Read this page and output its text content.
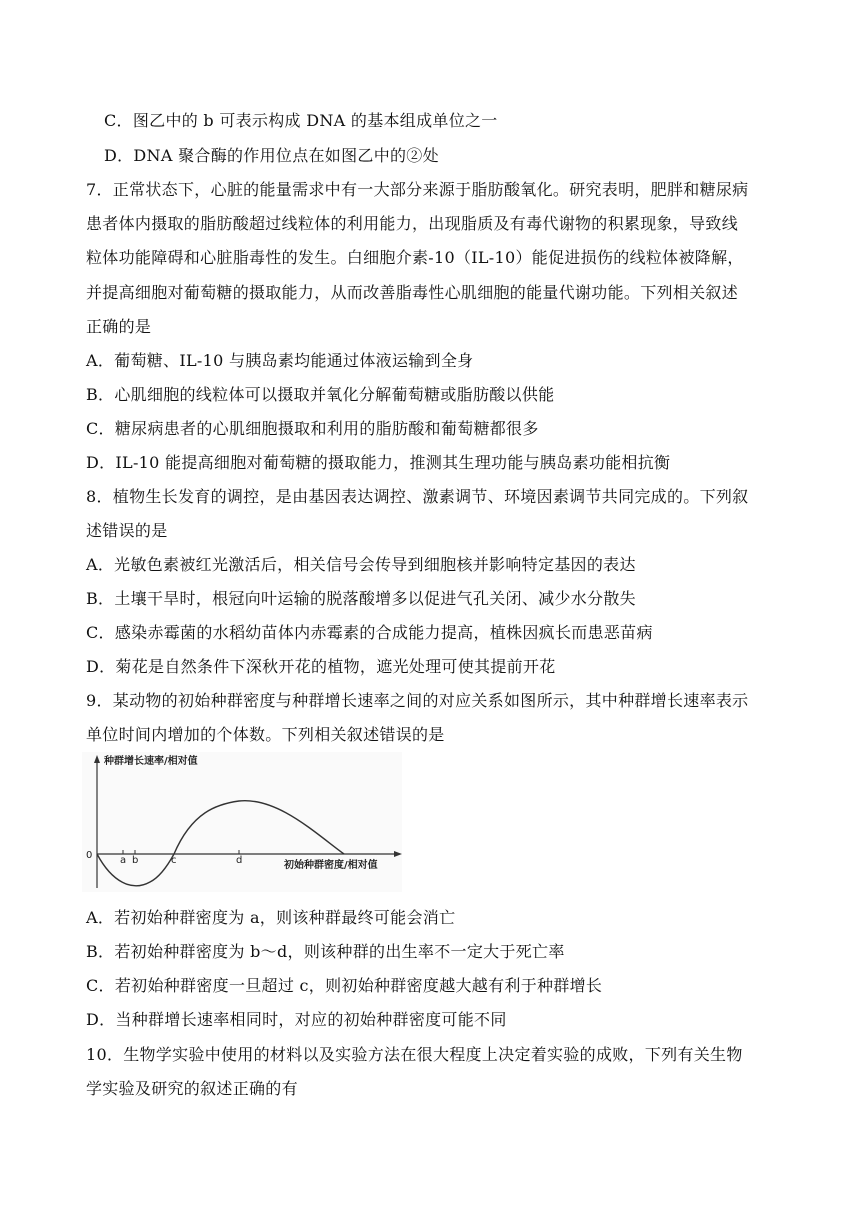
C．图乙中的 b 可表示构成 DNA 的基本组成单位之一
D．DNA 聚合酶的作用位点在如图乙中的②处
7．正常状态下，心脏的能量需求中有一大部分来源于脂肪酸氧化。研究表明，肥胖和糖尿病
患者体内摄取的脂肪酸超过线粒体的利用能力，出现脂质及有毒代谢物的积累现象，导致线
粒体功能障碍和心脏脂毒性的发生。白细胞介素-10（IL-10）能促进损伤的线粒体被降解，
并提高细胞对葡萄糖的摄取能力，从而改善脂毒性心肌细胞的能量代谢功能。下列相关叙述
正确的是
A．葡萄糖、IL-10 与胰岛素均能通过体液运输到全身
B．心肌细胞的线粒体可以摄取并氧化分解葡萄糖或脂肪酸以供能
C．糖尿病患者的心肌细胞摄取和利用的脂肪酸和葡萄糖都很多
D．IL-10 能提高细胞对葡萄糖的摄取能力，推测其生理功能与胰岛素功能相抗衡
8．植物生长发育的调控，是由基因表达调控、激素调节、环境因素调节共同完成的。下列叙
述错误的是
A．光敏色素被红光激活后，相关信号会传导到细胞核并影响特定基因的表达
B．土壤干旱时，根冠向叶运输的脱落酸增多以促进气孔关闭、减少水分散失
C．感染赤霉菌的水稻幼苗体内赤霉素的合成能力提高，植株因疯长而患恶苗病
D．菊花是自然条件下深秋开花的植物，遮光处理可使其提前开花
9．某动物的初始种群密度与种群增长速率之间的对应关系如图所示，其中种群增长速率表示
单位时间内增加的个体数。下列相关叙述错误的是
种群增长速率/相对值
初始种群密度/相对值
0	a b	c	d
A．若初始种群密度为 a，则该种群最终可能会消亡
B．若初始种群密度为 b～d，则该种群的出生率不一定大于死亡率
C．若初始种群密度一旦超过 c，则初始种群密度越大越有利于种群增长
D．当种群增长速率相同时，对应的初始种群密度可能不同
10．生物学实验中使用的材料以及实验方法在很大程度上决定着实验的成败，下列有关生物
学实验及研究的叙述正确的有
